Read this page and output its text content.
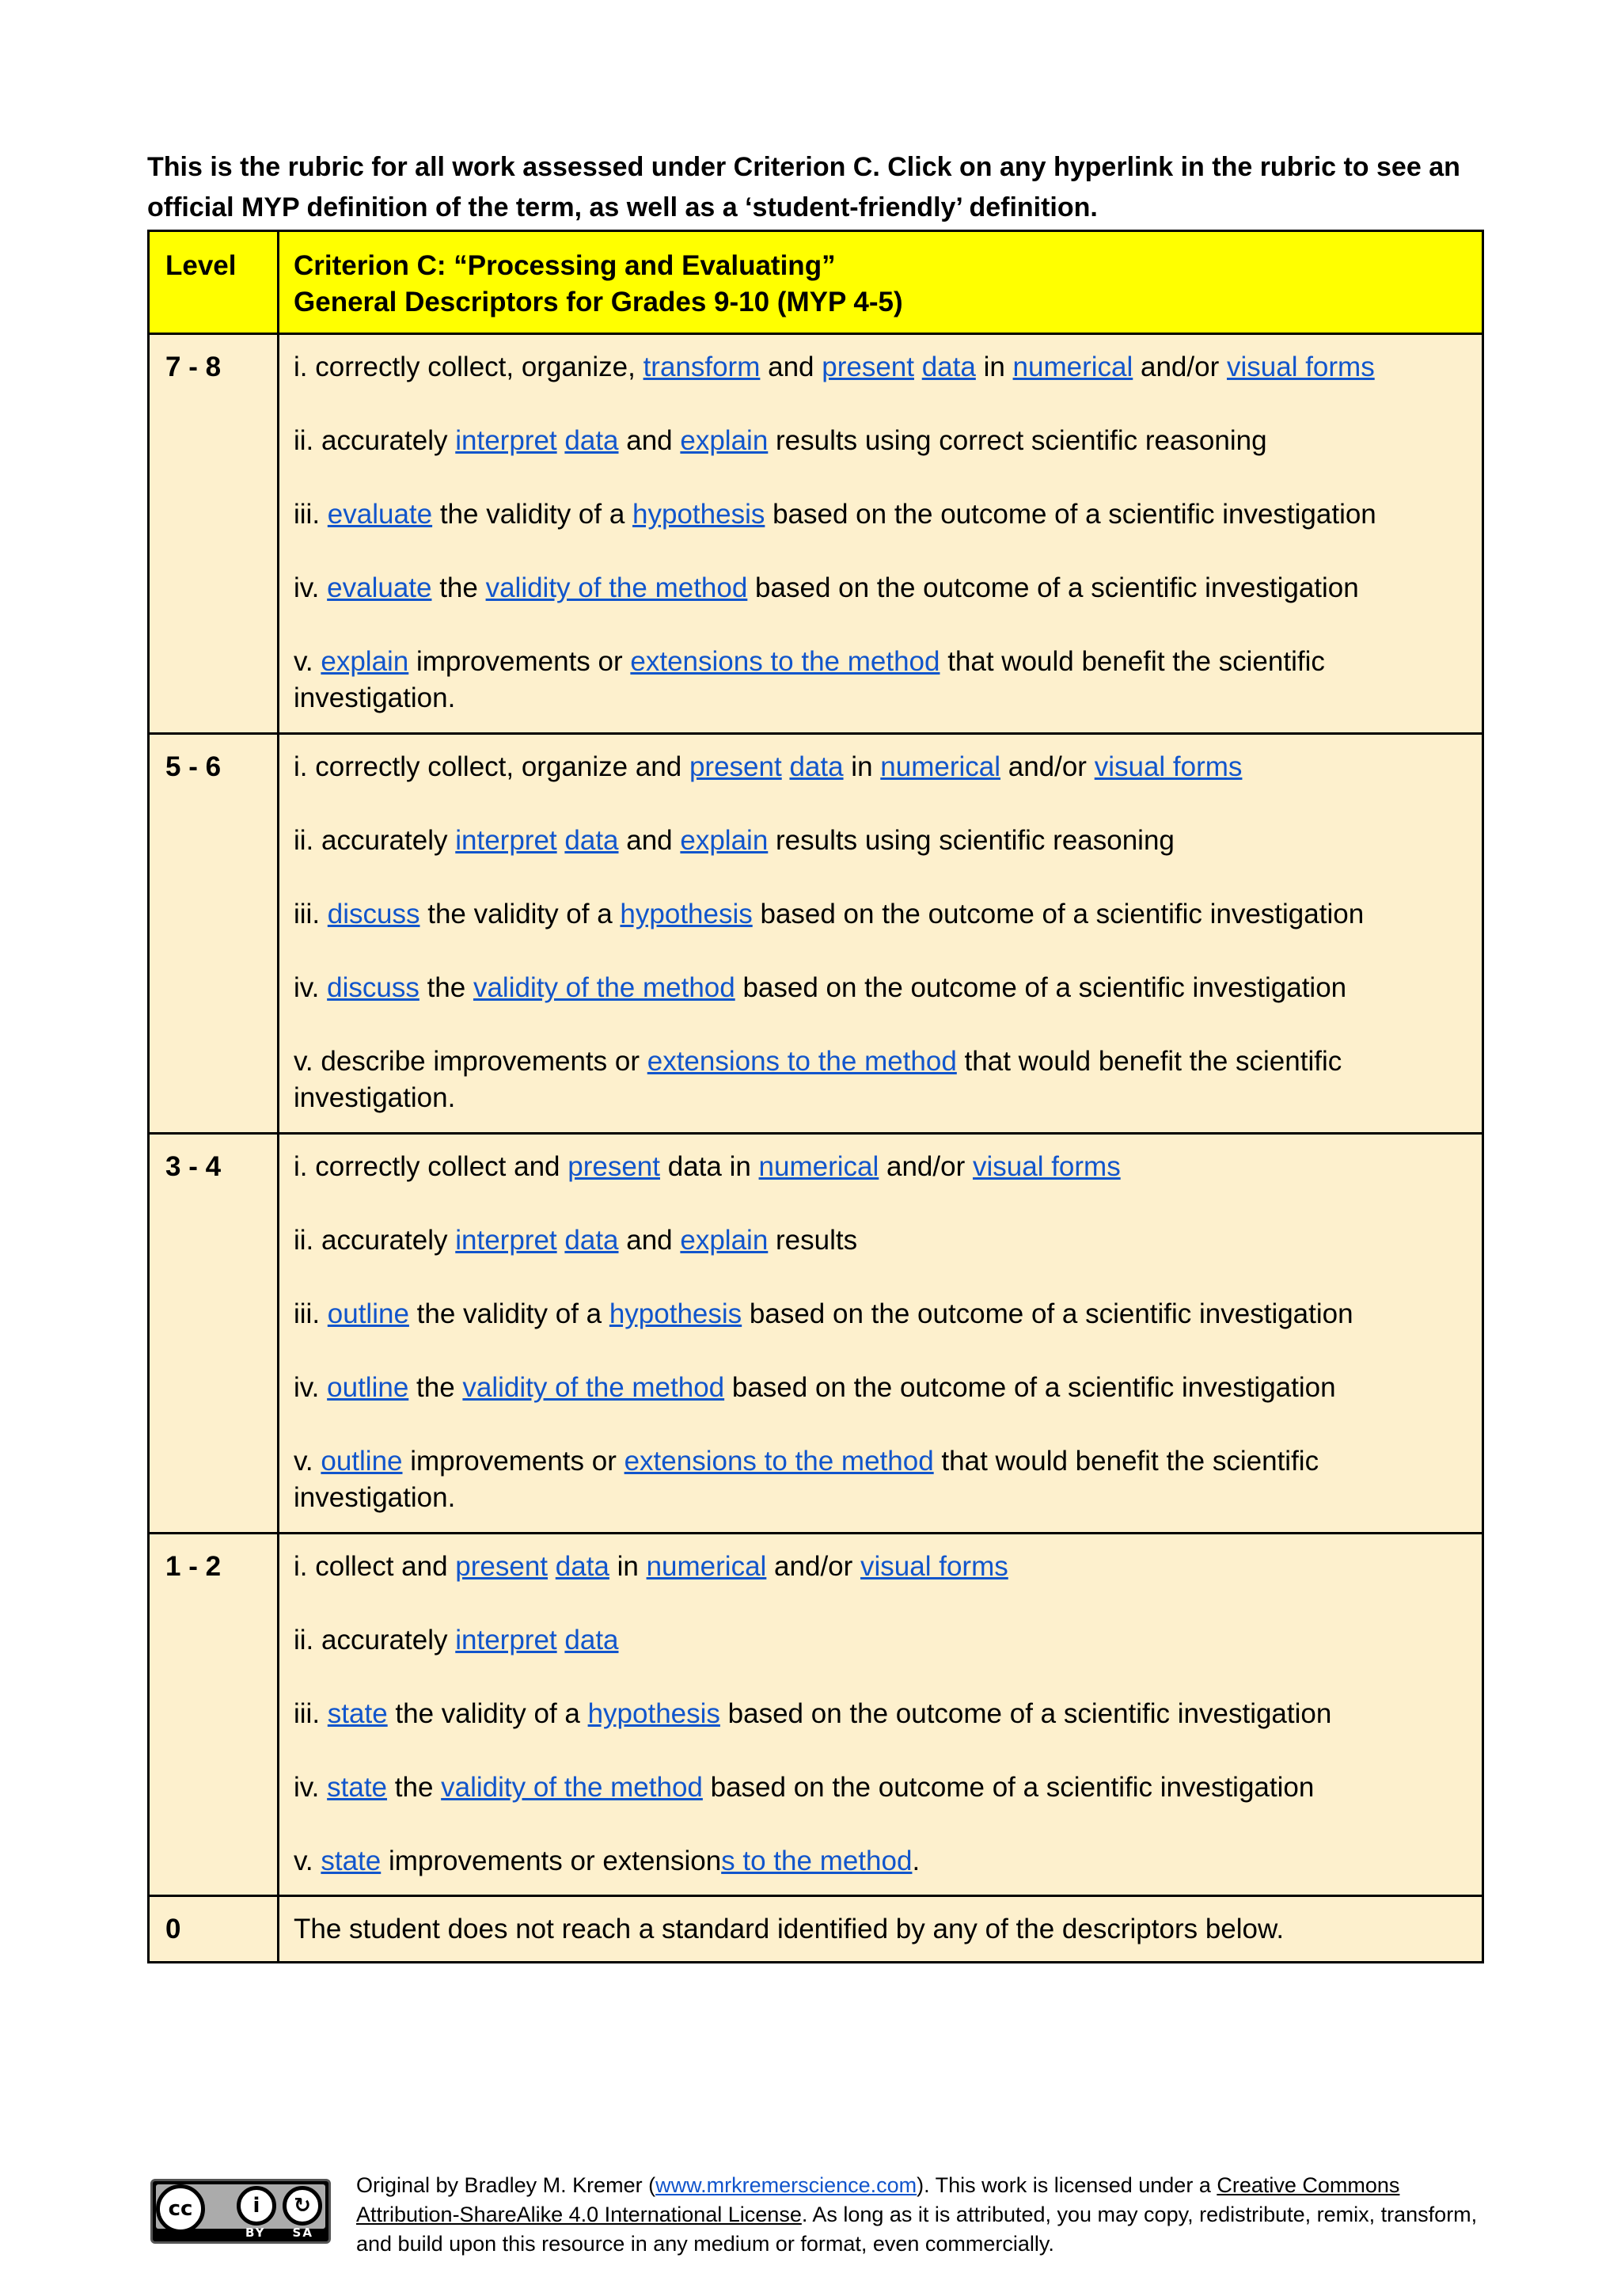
This is the rubric for all work assessed under Criterion C. Click on any hyperlink in the rubric to see an official MYP definition of the term, as well as a ‘student-friendly’ definition.
Level	Criterion C: “Processing and Evaluating”
General Descriptors for Grades 9-10 (MYP 4-5)

7 - 8	i. correctly collect, organize, transform and present data in numerical and/or visual forms
ii. accurately interpret data and explain results using correct scientific reasoning
iii. evaluate the validity of a hypothesis based on the outcome of a scientific investigation
iv. evaluate the validity of the method based on the outcome of a scientific investigation
v. explain improvements or extensions to the method that would benefit the scientific investigation.

5 - 6	i. correctly collect, organize and present data in numerical and/or visual forms
ii. accurately interpret data and explain results using scientific reasoning
iii. discuss the validity of a hypothesis based on the outcome of a scientific investigation
iv. discuss the validity of the method based on the outcome of a scientific investigation
v. describe improvements or extensions to the method that would benefit the scientific investigation.

3 - 4	i. correctly collect and present data in numerical and/or visual forms
ii. accurately interpret data and explain results
iii. outline the validity of a hypothesis based on the outcome of a scientific investigation
iv. outline the validity of the method based on the outcome of a scientific investigation
v. outline improvements or extensions to the method that would benefit the scientific investigation.

1 - 2	i. collect and present data in numerical and/or visual forms
ii. accurately interpret data
iii. state the validity of a hypothesis based on the outcome of a scientific investigation
iv. state the validity of the method based on the outcome of a scientific investigation
v. state improvements or extensions to the method.

0	The student does not reach a standard identified by any of the descriptors below.
cc	i	↻
BY SA
Original by Bradley M. Kremer (www.mrkremerscience.com). This work is licensed under a Creative Commons Attribution-ShareAlike 4.0 International License. As long as it is attributed, you may copy, redistribute, remix, transform, and build upon this resource in any medium or format, even commercially.
